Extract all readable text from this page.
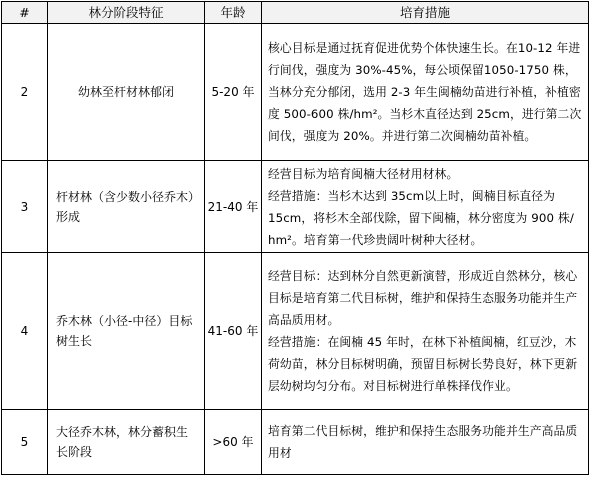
#	林分阶段特征	年龄	培育措施
2	幼林至杆材林郁闭	5-20 年	核心目标是通过抚育促进优势个体快速生长。在10-12 年进行间伐，强度为 30%-45%，每公顷保留1050-1750 株，当林分充分郁闭，选用 2-3 年生闽楠幼苗进行补植，补植密度 500-600 株/hm²。当杉木直径达到 25cm，进行第二次间伐，强度为 20%。并进行第二次闽楠幼苗补植。

3	杆材林（含少数小径乔木）形成	21-40 年	经营目标为培育闽楠大径材用材林。
经营措施：当杉木达到 35cm以上时，闽楠目标直径为 15cm，将杉木全部伐除，留下闽楠，林分密度为 900 株/ hm²。培育第一代珍贵阔叶树种大径材。

4	乔木林（小径-中径）目标树生长	41-60 年	经营目标：达到林分自然更新演替，形成近自然林分，核心目标是培育第二代目标树，维护和保持生态服务功能并生产高品质用材。
经营措施：在闽楠 45 年时，在林下补植闽楠，红豆沙，木荷幼苗，林分目标树明确，预留目标树长势良好，林下更新层幼树均匀分布。对目标树进行单株择伐作业。

5	大径乔木林，林分蓄积生长阶段	>60 年	培育第二代目标树，维护和保持生态服务功能并生产高品质用材
